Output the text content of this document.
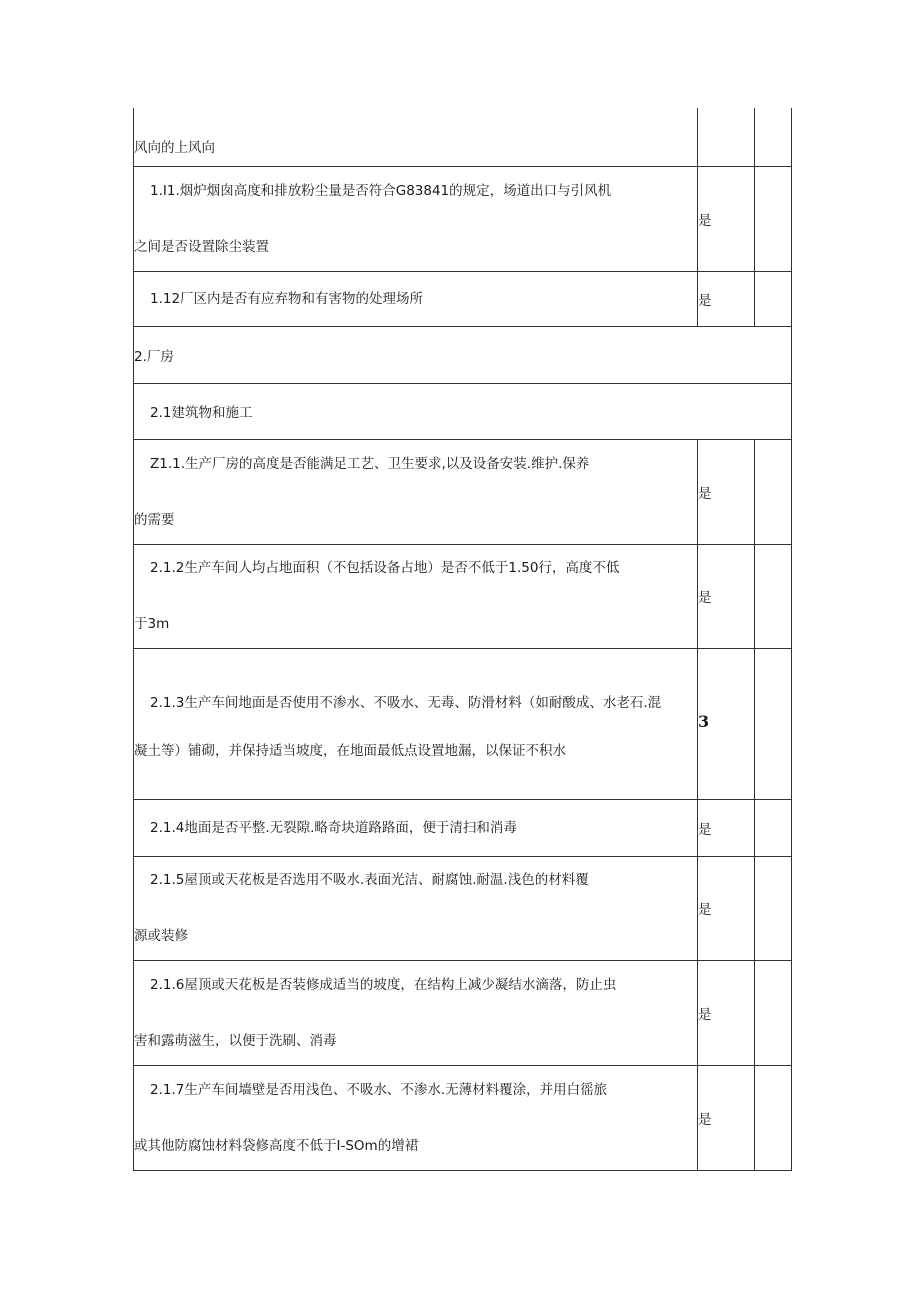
风向的上风向		

1.I1.烟炉烟囱高度和排放粉尘量是否符合G83841的规定，场道出口与引风机
之间是否设置除尘装置	是	

1.12厂区内是否有应弃物和有害物的处理场所	是	
2.厂房		
2.1建筑物和施工		

Z1.1.生产厂房的高度是否能满足工艺、卫生要求,以及设备安装.维护.保养
的需要	是	

2.1.2生产车间人均占地面积（不包括设备占地）是否不低于1.50行，高度不低
于3m	是	

2.1.3生产车间地面是否使用不渗水、不吸水、无毒、防滑材料（如耐酸成、水老石.混
凝土等）铺砌，并保持适当坡度，在地面最低点设置地漏，以保证不积水	3	

2.1.4地面是否平整.无裂隙.略奇块道路路面，便于清扫和消毒	是	

2.1.5屋顶或天花板是否选用不吸水.表面光洁、耐腐蚀.耐温.浅色的材料覆
源或装修	是	

2.1.6屋顶或天花板是否装修成适当的坡度，在结构上减少凝结水滴落，防止虫
害和露萌滋生，以便于洗刷、消毒	是	

2.1.7生产车间墙壁是否用浅色、不吸水、不渗水.无薄材料覆涂，并用白徭旅
或其他防腐蚀材料袋修高度不低于I-SOm的增裙	是	
